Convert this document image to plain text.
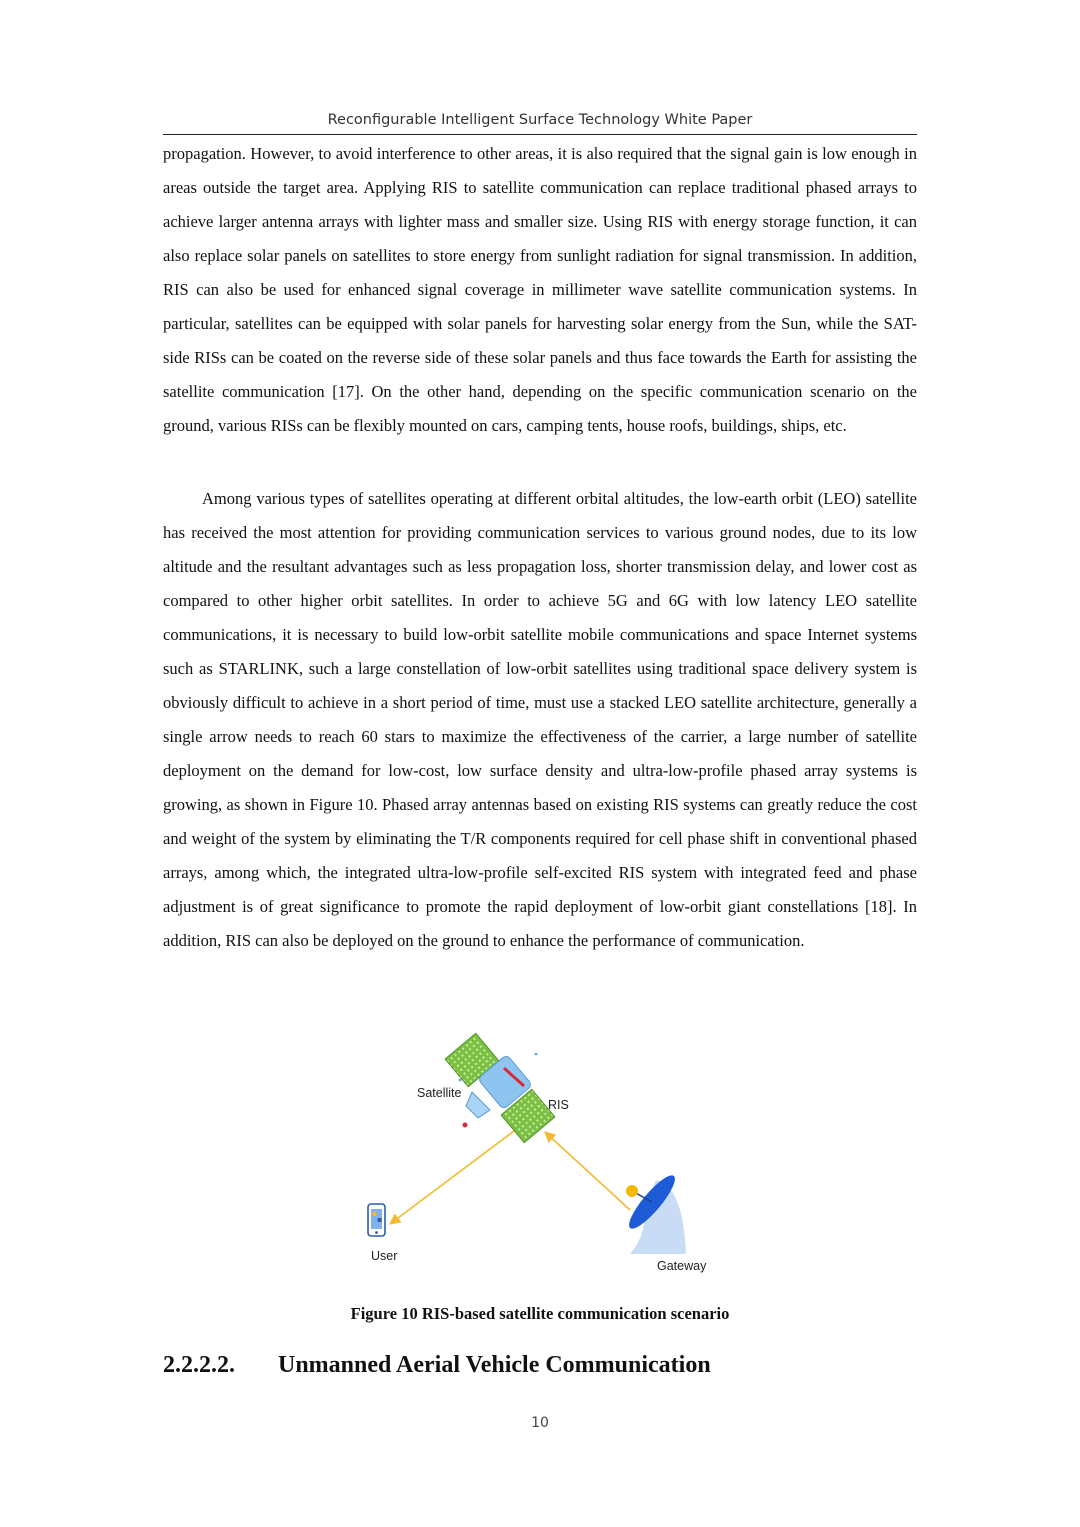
Reconfigurable Intelligent Surface Technology White Paper

propagation. However, to avoid interference to other areas, it is also required that the signal gain is low enough in areas outside the target area. Applying RIS to satellite communication can replace traditional phased arrays to achieve larger antenna arrays with lighter mass and smaller size. Using RIS with energy storage function, it can also replace solar panels on satellites to store energy from sunlight radiation for signal transmission. In addition, RIS can also be used for enhanced signal coverage in millimeter wave satellite communication systems. In particular, satellites can be equipped with solar panels for harvesting solar energy from the Sun, while the SAT-side RISs can be coated on the reverse side of these solar panels and thus face towards the Earth for assisting the satellite communication [17]. On the other hand, depending on the specific communication scenario on the ground, various RISs can be flexibly mounted on cars, camping tents, house roofs, buildings, ships, etc.

Among various types of satellites operating at different orbital altitudes, the low-earth orbit (LEO) satellite has received the most attention for providing communication services to various ground nodes, due to its low altitude and the resultant advantages such as less propagation loss, shorter transmission delay, and lower cost as compared to other higher orbit satellites. In order to achieve 5G and 6G with low latency LEO satellite communications, it is necessary to build low-orbit satellite mobile communications and space Internet systems such as STARLINK, such a large constellation of low-orbit satellites using traditional space delivery system is obviously difficult to achieve in a short period of time, must use a stacked LEO satellite architecture, generally a single arrow needs to reach 60 stars to maximize the effectiveness of the carrier, a large number of satellite deployment on the demand for low-cost, low surface density and ultra-low-profile phased array systems is growing, as shown in Figure 10. Phased array antennas based on existing RIS systems can greatly reduce the cost and weight of the system by eliminating the T/R components required for cell phase shift in conventional phased arrays, among which, the integrated ultra-low-profile self-excited RIS system with integrated feed and phase adjustment is of great significance to promote the rapid deployment of low-orbit giant constellations [18]. In addition, RIS can also be deployed on the ground to enhance the performance of communication.

Satellite
RIS
User
Gateway
Figure 10 RIS-based satellite communication scenario
2.2.2.2. Unmanned Aerial Vehicle Communication
10
